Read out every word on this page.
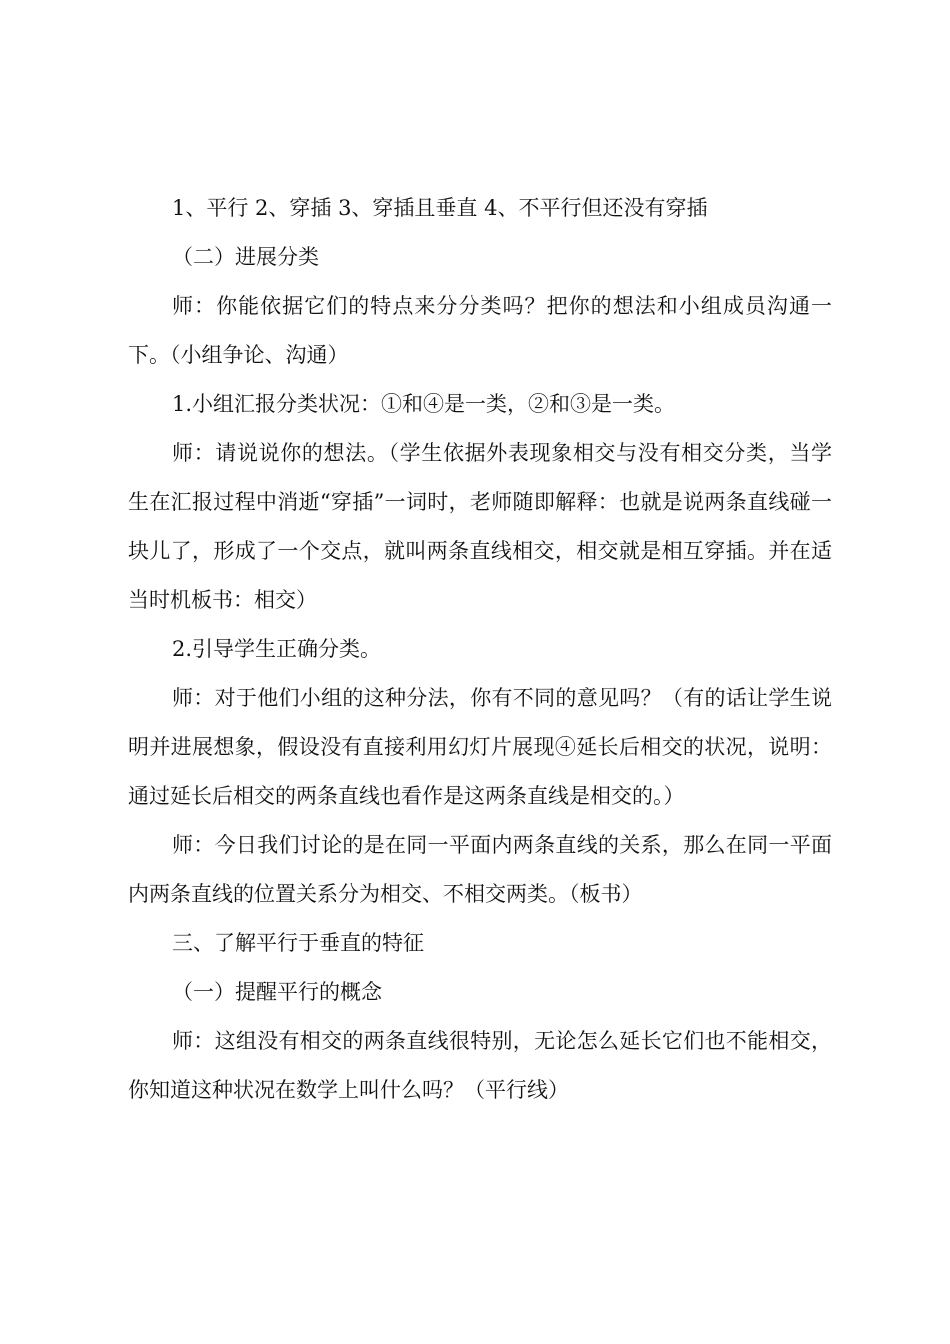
1、平行 2、穿插 3、穿插且垂直 4、不平行但还没有穿插

（二）进展分类

师：你能依据它们的特点来分分类吗？把你的想法和小组成员沟通一下。（小组争论、沟通）

1.小组汇报分类状况：①和④是一类，②和③是一类。

师：请说说你的想法。（学生依据外表现象相交与没有相交分类，当学生在汇报过程中消逝“穿插”一词时，老师随即解释：也就是说两条直线碰一块儿了，形成了一个交点，就叫两条直线相交，相交就是相互穿插。并在适当时机板书：相交）

2.引导学生正确分类。

师：对于他们小组的这种分法，你有不同的意见吗？（有的话让学生说明并进展想象，假设没有直接利用幻灯片展现④延长后相交的状况，说明：通过延长后相交的两条直线也看作是这两条直线是相交的。）

师：今日我们讨论的是在同一平面内两条直线的关系，那么在同一平面内两条直线的位置关系分为相交、不相交两类。（板书）

三、了解平行于垂直的特征

（一）提醒平行的概念

师：这组没有相交的两条直线很特别，无论怎么延长它们也不能相交，你知道这种状况在数学上叫什么吗？（平行线）
